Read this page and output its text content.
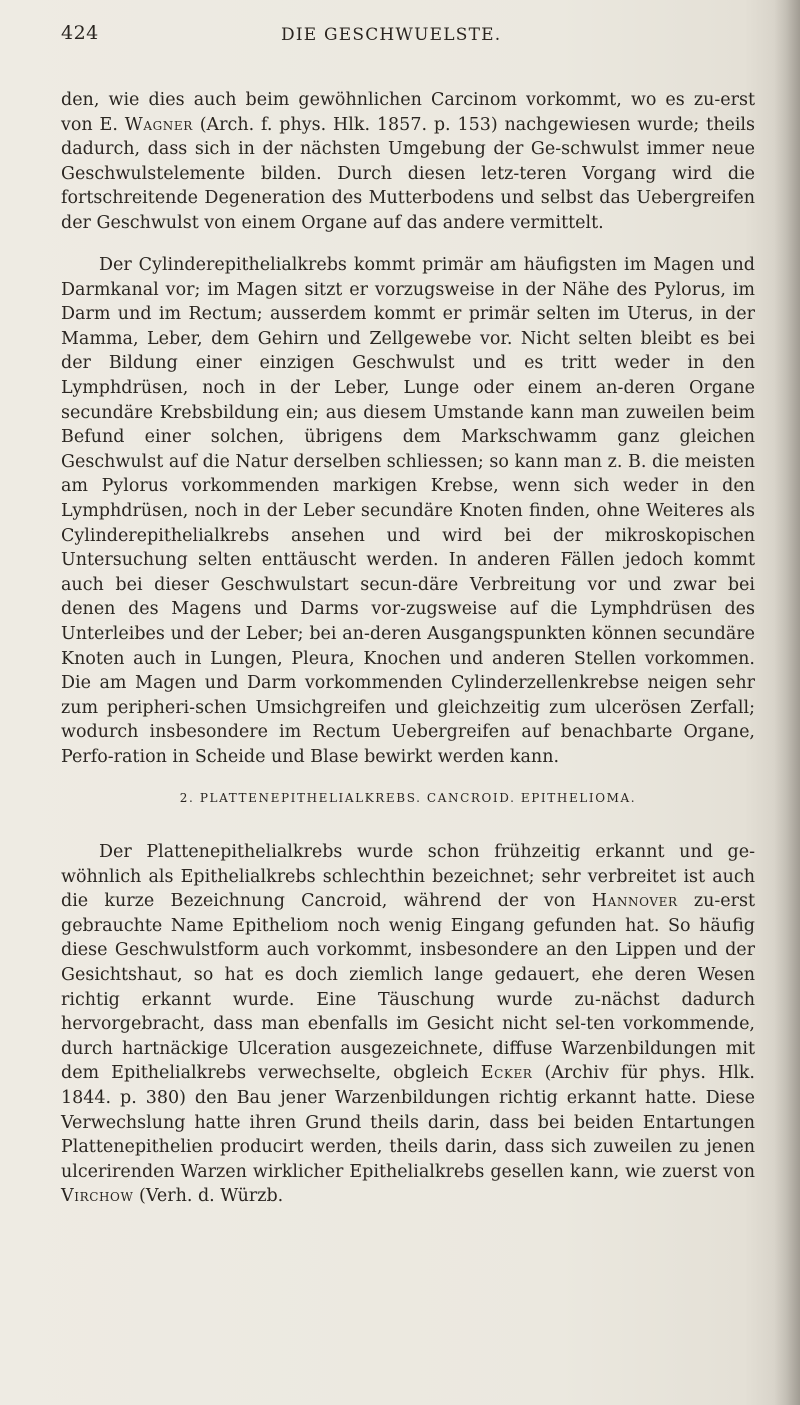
424	DIE GESCHWUELSTE.

den, wie dies auch beim gewöhnlichen Carcinom vorkommt, wo es zu-erst von E. Wagner (Arch. f. phys. Hlk. 1857. p. 153) nachgewiesen wurde; theils dadurch, dass sich in der nächsten Umgebung der Ge-schwulst immer neue Geschwulstelemente bilden. Durch diesen letz-teren Vorgang wird die fortschreitende Degeneration des Mutterbodens und selbst das Uebergreifen der Geschwulst von einem Organe auf das andere vermittelt.

Der Cylinderepithelialkrebs kommt primär am häufigsten im Magen und Darmkanal vor; im Magen sitzt er vorzugsweise in der Nähe des Pylorus, im Darm und im Rectum; ausserdem kommt er primär selten im Uterus, in der Mamma, Leber, dem Gehirn und Zellgewebe vor. Nicht selten bleibt es bei der Bildung einer einzigen Geschwulst und es tritt weder in den Lymphdrüsen, noch in der Leber, Lunge oder einem an-deren Organe secundäre Krebsbildung ein; aus diesem Umstande kann man zuweilen beim Befund einer solchen, übrigens dem Markschwamm ganz gleichen Geschwulst auf die Natur derselben schliessen; so kann man z. B. die meisten am Pylorus vorkommenden markigen Krebse, wenn sich weder in den Lymphdrüsen, noch in der Leber secundäre Knoten finden, ohne Weiteres als Cylinderepithelialkrebs ansehen und wird bei der mikroskopischen Untersuchung selten enttäuscht werden. In anderen Fällen jedoch kommt auch bei dieser Geschwulstart secun-däre Verbreitung vor und zwar bei denen des Magens und Darms vor-zugsweise auf die Lymphdrüsen des Unterleibes und der Leber; bei an-deren Ausgangspunkten können secundäre Knoten auch in Lungen, Pleura, Knochen und anderen Stellen vorkommen. Die am Magen und Darm vorkommenden Cylinderzellenkrebse neigen sehr zum peripheri-schen Umsichgreifen und gleichzeitig zum ulcerösen Zerfall; wodurch insbesondere im Rectum Uebergreifen auf benachbarte Organe, Perfo-ration in Scheide und Blase bewirkt werden kann.

2. PLATTENEPITHELIALKREBS. CANCROID. EPITHELIOMA.

Der Plattenepithelialkrebs wurde schon frühzeitig erkannt und ge-wöhnlich als Epithelialkrebs schlechthin bezeichnet; sehr verbreitet ist auch die kurze Bezeichnung Cancroid, während der von Hannover zu-erst gebrauchte Name Epitheliom noch wenig Eingang gefunden hat. So häufig diese Geschwulstform auch vorkommt, insbesondere an den Lippen und der Gesichtshaut, so hat es doch ziemlich lange gedauert, ehe deren Wesen richtig erkannt wurde. Eine Täuschung wurde zu-nächst dadurch hervorgebracht, dass man ebenfalls im Gesicht nicht sel-ten vorkommende, durch hartnäckige Ulceration ausgezeichnete, diffuse Warzenbildungen mit dem Epithelialkrebs verwechselte, obgleich Ecker (Archiv für phys. Hlk. 1844. p. 380) den Bau jener Warzenbildungen richtig erkannt hatte. Diese Verwechslung hatte ihren Grund theils darin, dass bei beiden Entartungen Plattenepithelien producirt werden, theils darin, dass sich zuweilen zu jenen ulcerirenden Warzen wirklicher Epithelialkrebs gesellen kann, wie zuerst von Virchow (Verh. d. Würzb.
